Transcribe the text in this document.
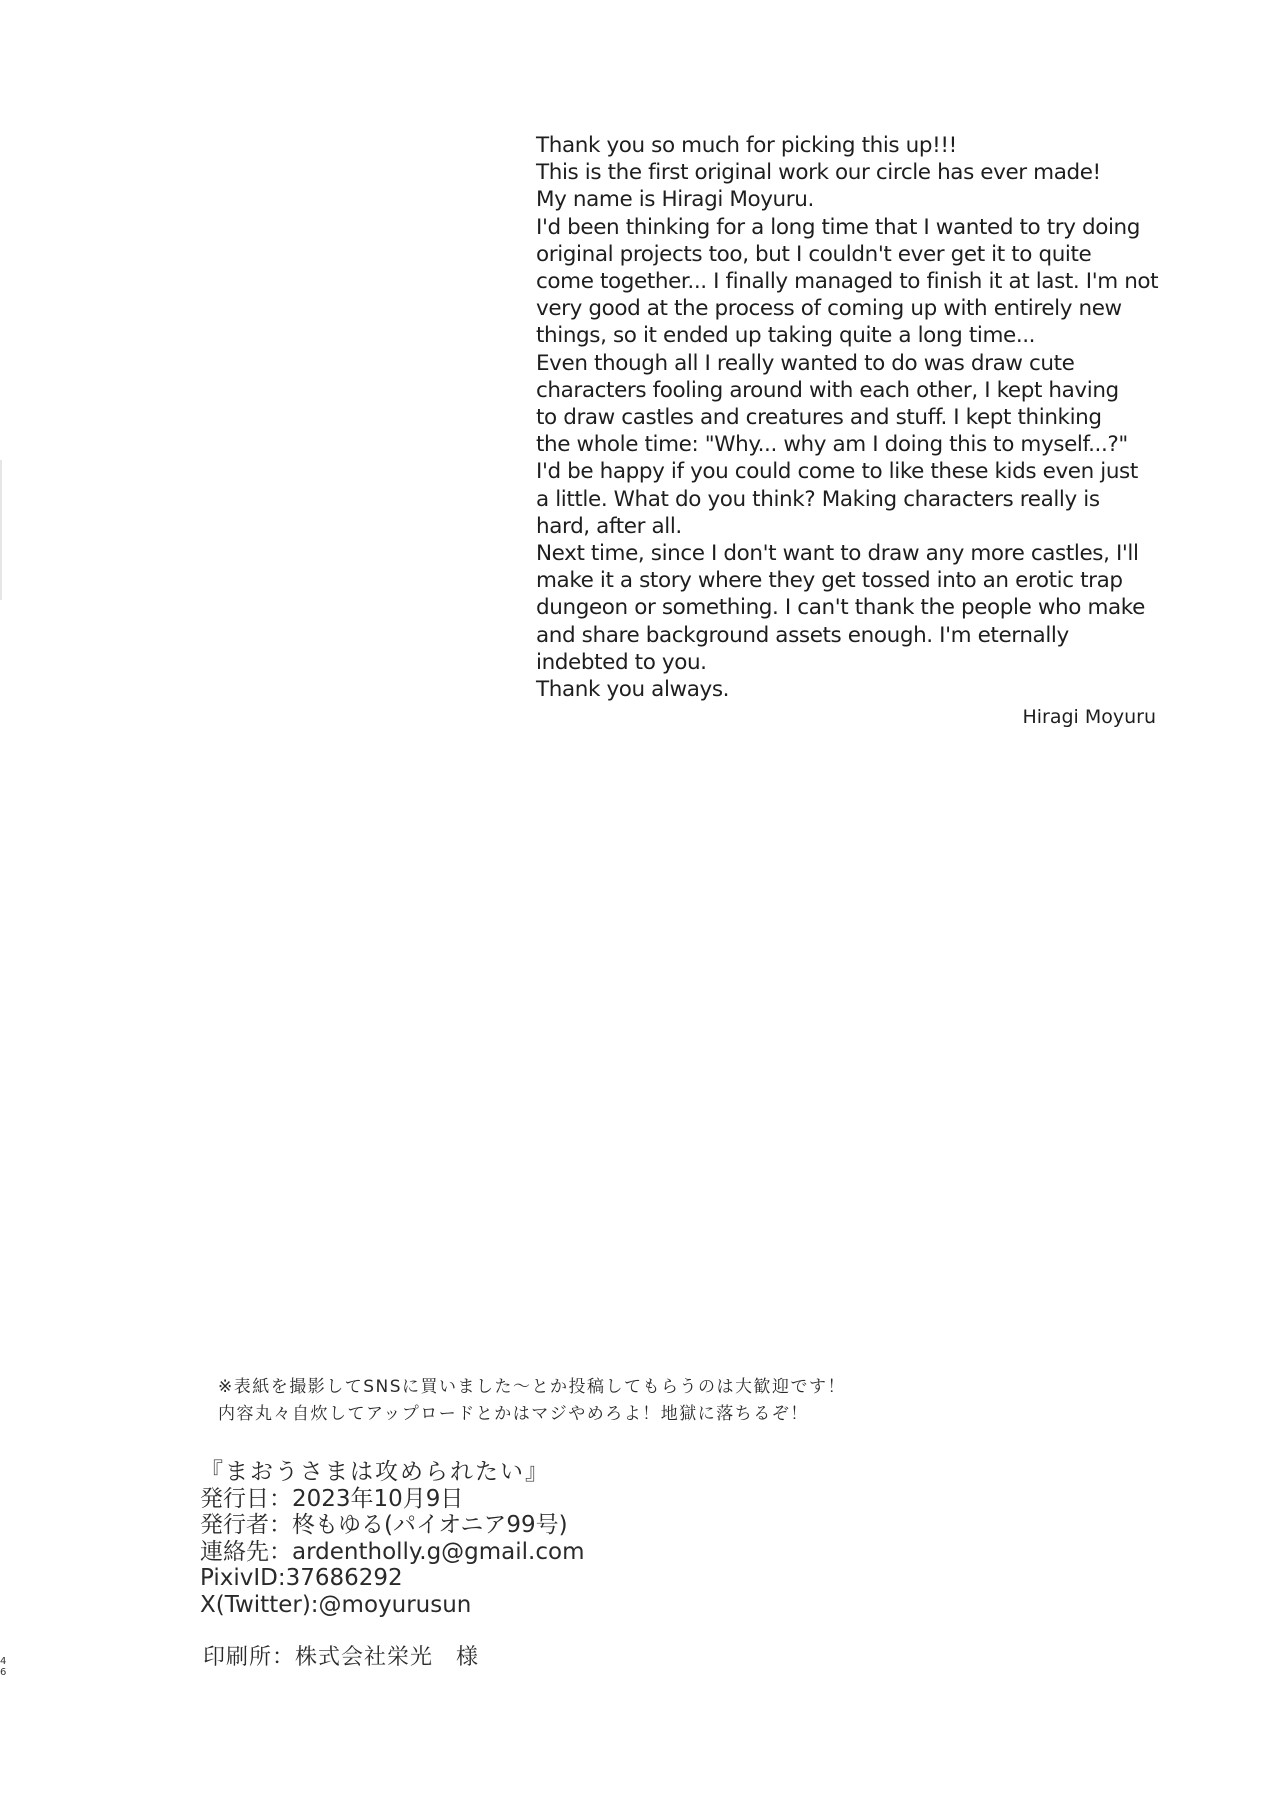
Thank you so much for picking this up!!!
This is the first original work our circle has ever made!
My name is Hiragi Moyuru.
I'd been thinking for a long time that I wanted to try doing
original projects too, but I couldn't ever get it to quite
come together... I finally managed to finish it at last. I'm not
very good at the process of coming up with entirely new
things, so it ended up taking quite a long time...
Even though all I really wanted to do was draw cute
characters fooling around with each other, I kept having
to draw castles and creatures and stuff. I kept thinking
the whole time: "Why... why am I doing this to myself...?"
I'd be happy if you could come to like these kids even just
a little. What do you think? Making characters really is
hard, after all.
Next time, since I don't want to draw any more castles, I'll
make it a story where they get tossed into an erotic trap
dungeon or something. I can't thank the people who make
and share background assets enough. I'm eternally
indebted to you.
Thank you always.
Hiragi Moyuru
※表紙を撮影してSNSに買いました～とか投稿してもらうのは大歓迎です！
内容丸々自炊してアップロードとかはマジやめろよ！地獄に落ちるぞ！
『まおうさまは攻められたい』
発行日：2023年10月9日
発行者：柊もゆる(パイオニア99号)
連絡先：ardentholly.g@gmail.com
PixivID:37686292
X(Twitter):@moyurusun
印刷所：株式会社栄光　様
4
6
